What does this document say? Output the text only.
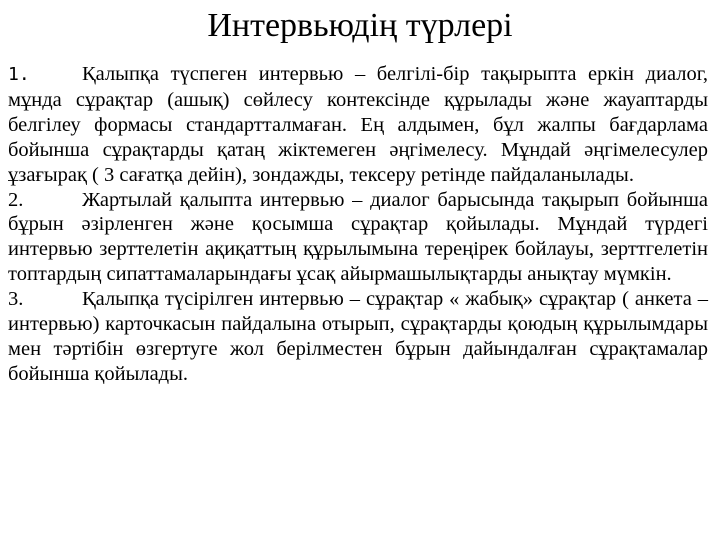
Интервьюдің түрлері

1.	Қалыпқа түспеген интервью – белгілі-бір тақырыпта еркін диалог, мұнда сұрақтар (ашық) сөйлесу контексінде құрылады және жауаптарды белгілеу формасы стандартталмаған. Ең алдымен, бұл жалпы бағдарлама бойынша сұрақтарды қатаң жіктемеген әңгімелесу. Мұндай әңгімелесулер ұзағырақ ( 3 сағатқа дейін), зондажды, тексеру ретінде пайдаланылады.

2.	Жартылай қалыпта интервью – диалог барысында тақырып бойынша бұрын әзірленген және қосымша сұрақтар қойылады. Мұндай түрдегі интервью зерттелетін ақиқаттың құрылымына тереңірек бойлауы, зерттгелетін топтардың сипаттамаларындағы ұсақ айырмашылықтарды анықтау мүмкін.

3.	Қалыпқа түсірілген интервью – сұрақтар « жабық» сұрақтар ( анкета – интервью) карточкасын пайдалына отырып, сұрақтарды қоюдың құрылымдары мен тәртібін өзгертуге жол берілместен бұрын дайындалған сұрақтамалар бойынша қойылады.
